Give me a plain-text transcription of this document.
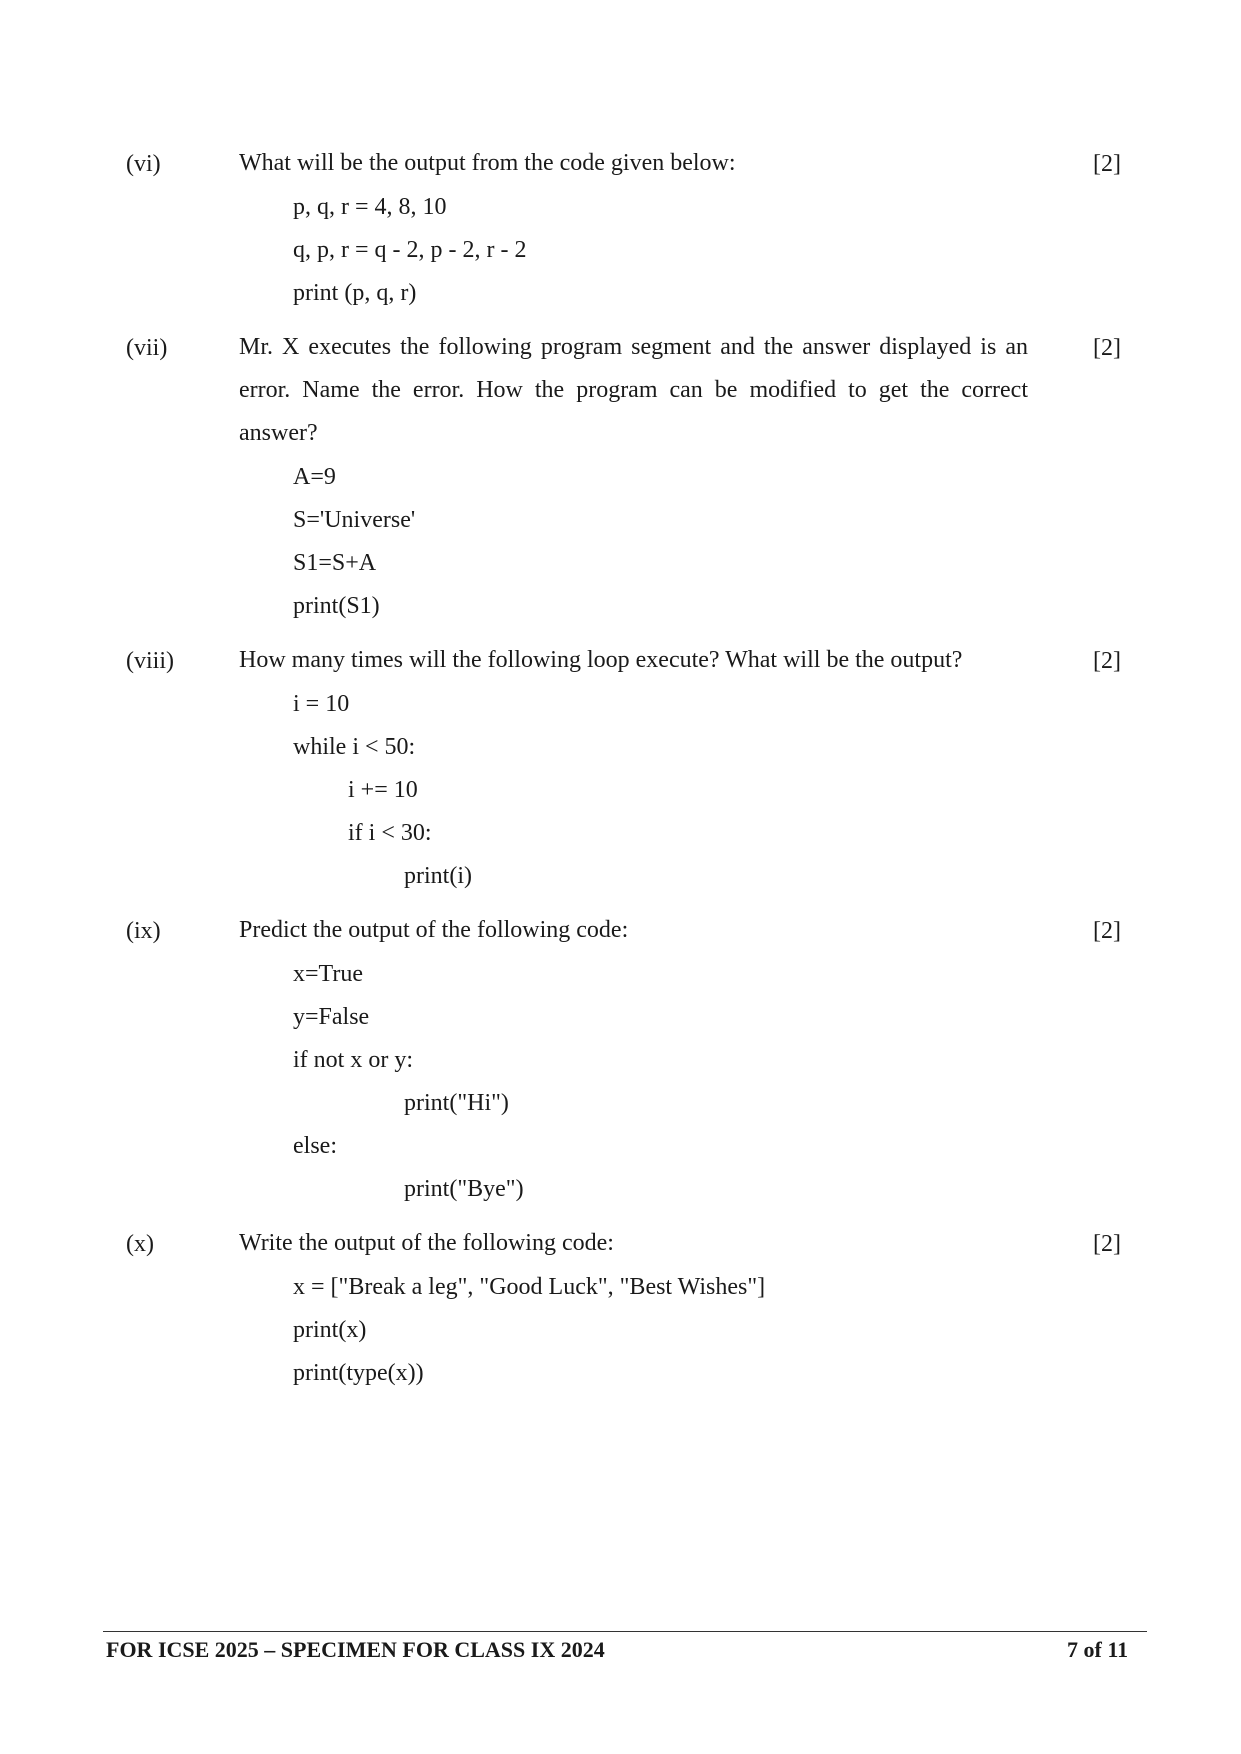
(vi)	What will be the output from the code given below:	[2]
p, q, r = 4, 8, 10
q, p, r = q - 2, p - 2, r - 2
print (p, q, r)
(vii)	Mr. X executes the following program segment and the answer displayed is an
error. Name the error. How the program can be modified to get the correct
answer?
[2]
A=9
S='Universe'
S1=S+A
print(S1)
(viii)	How many times will the following loop execute? What will be the output?	[2]
i = 10
while i < 50:
i += 10
if i < 30:
print(i)
(ix)	Predict the output of the following code:	[2]
x=True
y=False
if not x or y:
print("Hi")
else:
print("Bye")
(x)	Write the output of the following code:	[2]
x = ["Break a leg", "Good Luck", "Best Wishes"]
print(x)
print(type(x))
FOR ICSE 2025 – SPECIMEN FOR CLASS IX 2024	7 of 11
